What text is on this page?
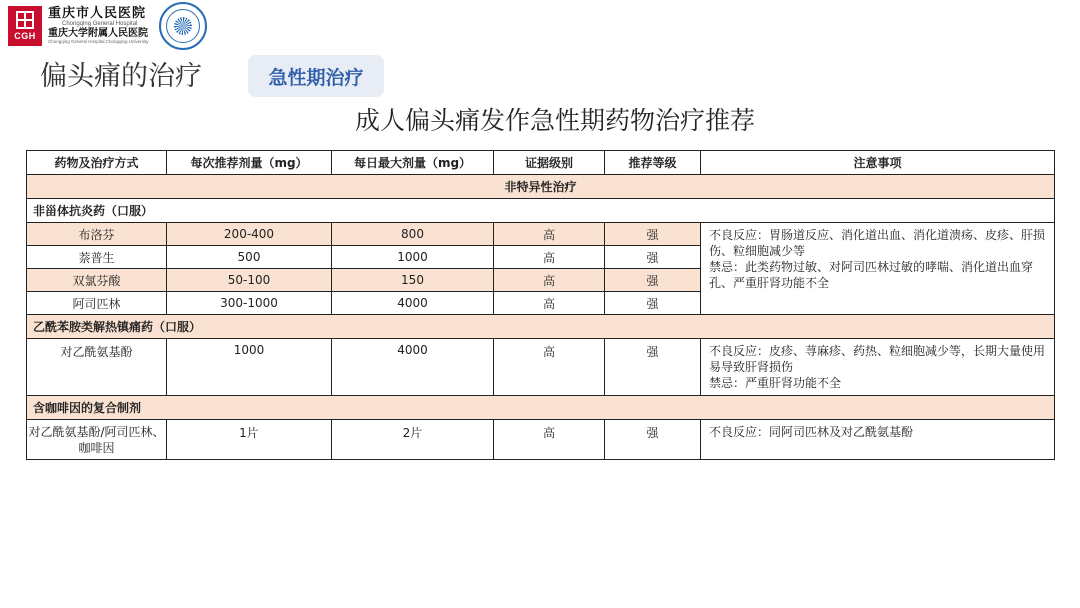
CGH
重庆市人民医院
Chongqing General Hospital
重庆大学附属人民医院
Chongqing General Hospital,Chongqing University
偏头痛的治疗	急性期治疗
成人偏头痛发作急性期药物治疗推荐
药物及治疗方式	每次推荐剂量（mg）	每日最大剂量（mg）	证据级别	推荐等级	注意事项
非特异性治疗					
非甾体抗炎药（口服）					
布洛芬	200-400	800	高	强	不良反应：胃肠道反应、消化道出血、消化道溃疡、皮疹、肝损伤、粒细胞减少等
禁忌：此类药物过敏、对阿司匹林过敏的哮喘、消化道出血穿孔、严重肝肾功能不全

萘普生	500	1000	高	强	
双氯芬酸	50-100	150	高	强	
阿司匹林	300-1000	4000	高	强	
乙酰苯胺类解热镇痛药（口服）					
对乙酰氨基酚	1000	4000	高	强	不良反应：皮疹、荨麻疹、药热、粒细胞减少等，长期大量使用易导致肝肾损伤
禁忌：严重肝肾功能不全

含咖啡因的复合制剂					
对乙酰氨基酚/阿司匹林、咖啡因	1片	2片	高	强	不良反应：同阿司匹林及对乙酰氨基酚
